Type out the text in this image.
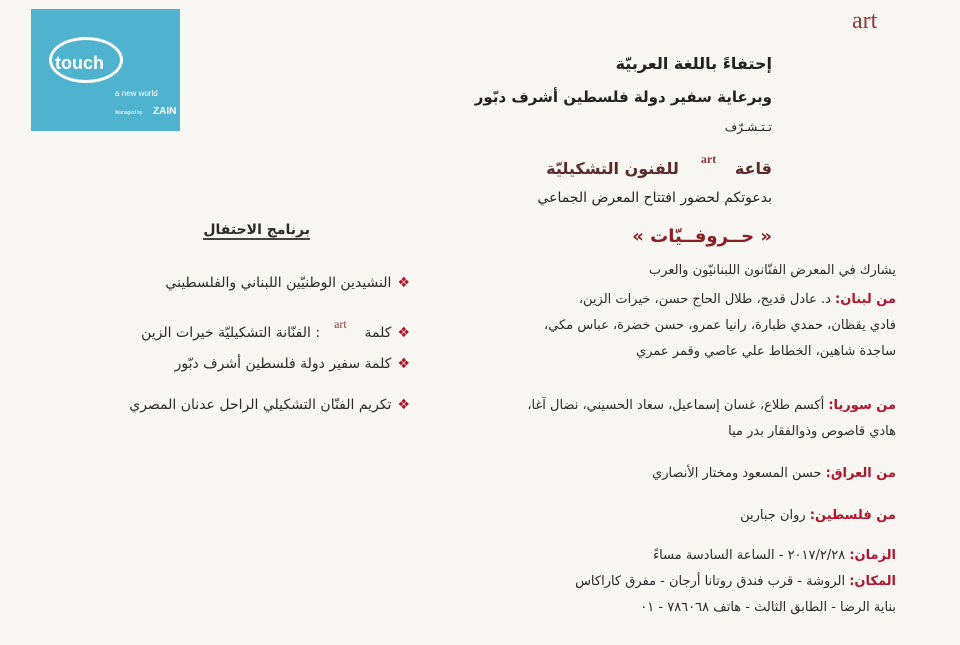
touch
a new world
Managed by ZAIN
art
إحتفاءً باللغة العربيّة
وبرعاية سفير دولة فلسطين أشرف دبّور
تـتـشـرّف
قاعة
art
للفنون التشكيليّة
بدعوتكم لحضور افتتاح المعرض الجماعي
« حــروفــيّات »
يشارك في المعرض الفنّانون اللبنانيّون والعرب
من لبنان: د. عادل قديح، طلال الحاج حسن، خيرات الزين،
فادي يقظان، حمدي طبارة، رانيا عمرو، حسن خضرة، عباس مكي،
ساجدة شاهين، الخطاط علي عاصي وقمر عمري
من سوريا: أكسم طلاع، غسان إسماعيل، سعاد الحسيني، نضال آغا،
هادي قاصوص وذوالفقار بدر ميا
من العراق: حسن المسعود ومختار الأنصاري
من فلسطين: روان جبارين
الزمان: ٢٠١٧/٢/٢٨ - الساعة السادسة مساءً
المكان: الروشة - قرب فندق روتانا أرجان - مفرق كاراكاس
بناية الرضا - الطابق الثالث - هاتف ٧٨٦٠٦٨ - ٠١
برنامج الاحتفال
❖النشيدين الوطنيّين اللبناني والفلسطيني
❖كلمة
art
: الفنّانة التشكيليّة خيرات الزين
❖كلمة سفير دولة فلسطين أشرف دبّور
❖تكريم الفنّان التشكيلي الراحل عدنان المصري
